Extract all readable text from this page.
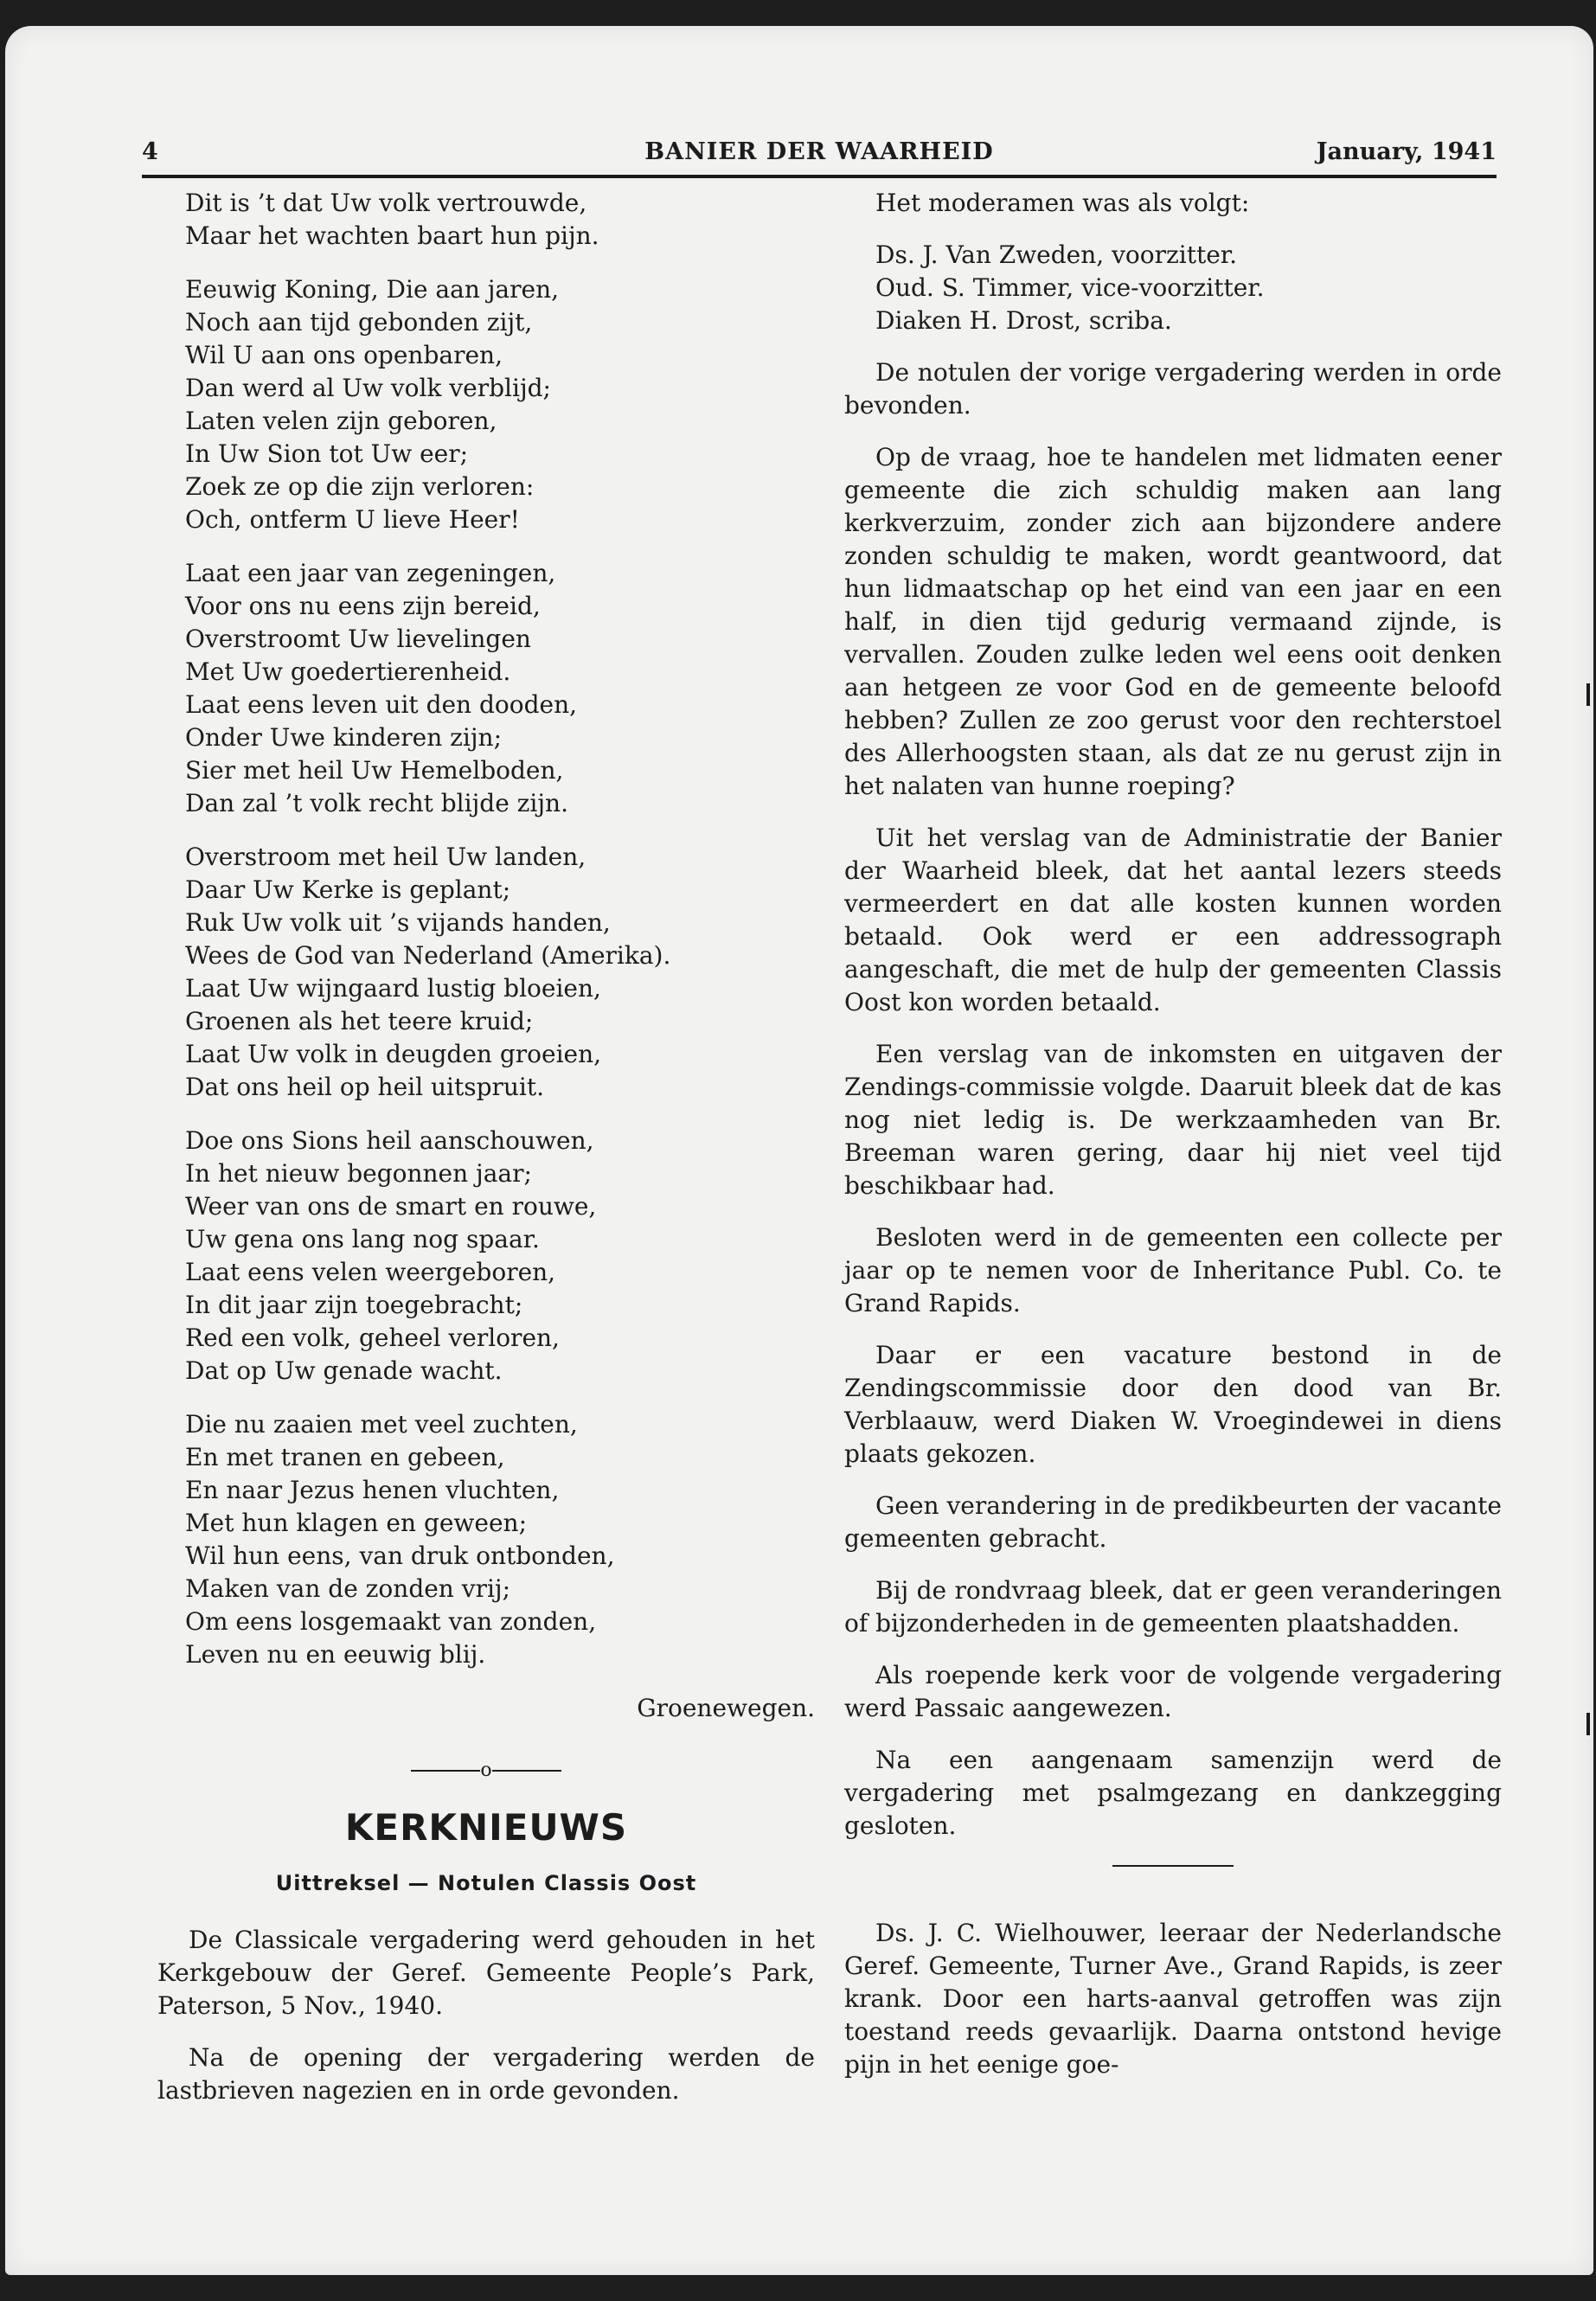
4	BANIER DER WAARHEID	January, 1941
Dit is ’t dat Uw volk vertrouwde,
Maar het wachten baart hun pijn.
Eeuwig Koning, Die aan jaren,
Noch aan tijd gebonden zijt,
Wil U aan ons openbaren,
Dan werd al Uw volk verblijd;
Laten velen zijn geboren,
In Uw Sion tot Uw eer;
Zoek ze op die zijn verloren:
Och, ontferm U lieve Heer!
Laat een jaar van zegeningen,
Voor ons nu eens zijn bereid,
Overstroomt Uw lievelingen
Met Uw goedertierenheid.
Laat eens leven uit den dooden,
Onder Uwe kinderen zijn;
Sier met heil Uw Hemelboden,
Dan zal ’t volk recht blijde zijn.
Overstroom met heil Uw landen,
Daar Uw Kerke is geplant;
Ruk Uw volk uit ’s vijands handen,
Wees de God van Nederland (Amerika).
Laat Uw wijngaard lustig bloeien,
Groenen als het teere kruid;
Laat Uw volk in deugden groeien,
Dat ons heil op heil uitspruit.
Doe ons Sions heil aanschouwen,
In het nieuw begonnen jaar;
Weer van ons de smart en rouwe,
Uw gena ons lang nog spaar.
Laat eens velen weergeboren,
In dit jaar zijn toegebracht;
Red een volk, geheel verloren,
Dat op Uw genade wacht.
Die nu zaaien met veel zuchten,
En met tranen en gebeen,
En naar Jezus henen vluchten,
Met hun klagen en geween;
Wil hun eens, van druk ontbonden,
Maken van de zonden vrij;
Om eens losgemaakt van zonden,
Leven nu en eeuwig blij.
Groenewegen.
o
KERKNIEUWS
Uittreksel — Notulen Classis Oost

De Classicale vergadering werd gehouden in het Kerkgebouw der Geref. Gemeente People’s Park, Paterson, 5 Nov., 1940.

Na de opening der vergadering werden de lastbrieven nagezien en in orde gevonden.

Het moderamen was als volgt:

Ds. J. Van Zweden, voorzitter.
Oud. S. Timmer, vice-voorzitter.
Diaken H. Drost, scriba.

De notulen der vorige vergadering werden in orde bevonden.

Op de vraag, hoe te handelen met lidmaten eener gemeente die zich schuldig maken aan lang kerkverzuim, zonder zich aan bijzondere andere zonden schuldig te maken, wordt geantwoord, dat hun lidmaatschap op het eind van een jaar en een half, in dien tijd gedurig vermaand zijnde, is vervallen. Zouden zulke leden wel eens ooit denken aan hetgeen ze voor God en de gemeente beloofd hebben? Zullen ze zoo gerust voor den rechterstoel des Allerhoogsten staan, als dat ze nu gerust zijn in het nalaten van hunne roeping?

Uit het verslag van de Administratie der Banier der Waarheid bleek, dat het aantal lezers steeds vermeerdert en dat alle kosten kunnen worden betaald. Ook werd er een addressograph aangeschaft, die met de hulp der gemeenten Classis Oost kon worden betaald.

Een verslag van de inkomsten en uitgaven der Zendings-commissie volgde. Daaruit bleek dat de kas nog niet ledig is. De werkzaamheden van Br. Breeman waren gering, daar hij niet veel tijd beschikbaar had.

Besloten werd in de gemeenten een collecte per jaar op te nemen voor de Inheritance Publ. Co. te Grand Rapids.

Daar er een vacature bestond in de Zendingscommissie door den dood van Br. Verblaauw, werd Diaken W. Vroegindewei in diens plaats gekozen.

Geen verandering in de predikbeurten der vacante gemeenten gebracht.

Bij de rondvraag bleek, dat er geen veranderingen of bijzonderheden in de gemeenten plaatshadden.

Als roepende kerk voor de volgende vergadering werd Passaic aangewezen.

Na een aangenaam samenzijn werd de vergadering met psalmgezang en dankzegging gesloten.

Ds. J. C. Wielhouwer, leeraar der Nederlandsche Geref. Gemeente, Turner Ave., Grand Rapids, is zeer krank. Door een harts-aanval getroffen was zijn toestand reeds gevaarlijk. Daarna ontstond hevige pijn in het eenige goe-
